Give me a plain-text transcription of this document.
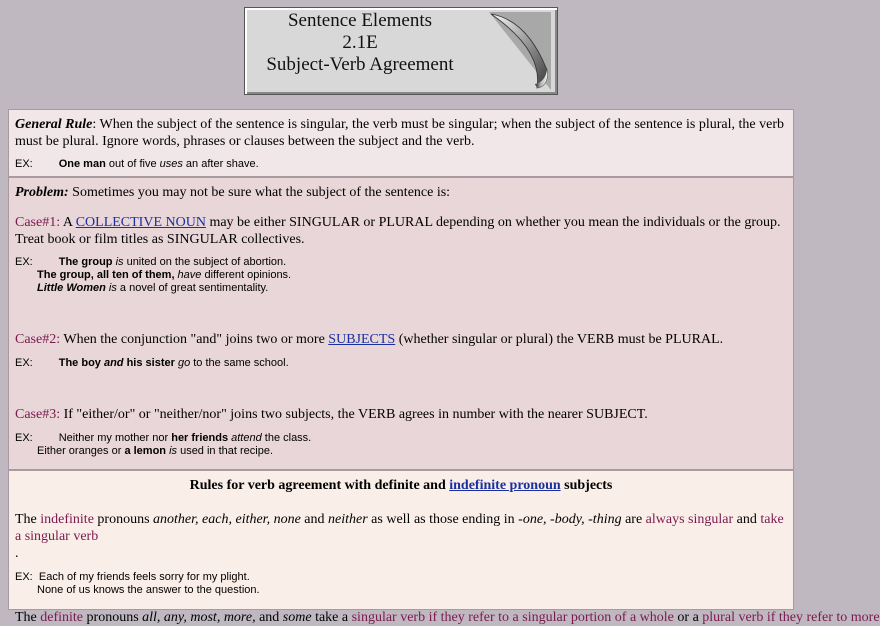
Sentence Elements
2.1E
Subject-Verb Agreement

General Rule: When the subject of the sentence is singular, the verb must be singular; when the subject of the sentence is plural, the verb must be plural. Ignore words, phrases or clauses between the subject and the verb.

EX: One man out of five uses an after shave.

Problem: Sometimes you may not be sure what the subject of the sentence is:

Case#1: A COLLECTIVE NOUN may be either SINGULAR or PLURAL depending on whether you mean the individuals or the group. Treat book or film titles as SINGULAR collectives.

EX: The group is united on the subject of abortion.
The group, all ten of them, have different opinions.
Little Women is a novel of great sentimentality.

Case#2: When the conjunction "and" joins two or more SUBJECTS (whether singular or plural) the VERB must be PLURAL.

EX: The boy and his sister go to the same school.

Case#3: If "either/or" or "neither/nor" joins two subjects, the VERB agrees in number with the nearer SUBJECT.

EX: Neither my mother nor her friends attend the class.
Either oranges or a lemon is used in that recipe.

Rules for verb agreement with definite and indefinite pronoun subjects

The indefinite pronouns another, each, either, none and neither as well as those ending in -one, -body, -thing are always singular and take a singular verb
.

EX: Each of my friends feels sorry for my plight.
None of us knows the answer to the question.

The definite pronouns all, any, most, more, and some take a singular verb if they refer to a singular portion of a whole or a plural verb if they refer to more
